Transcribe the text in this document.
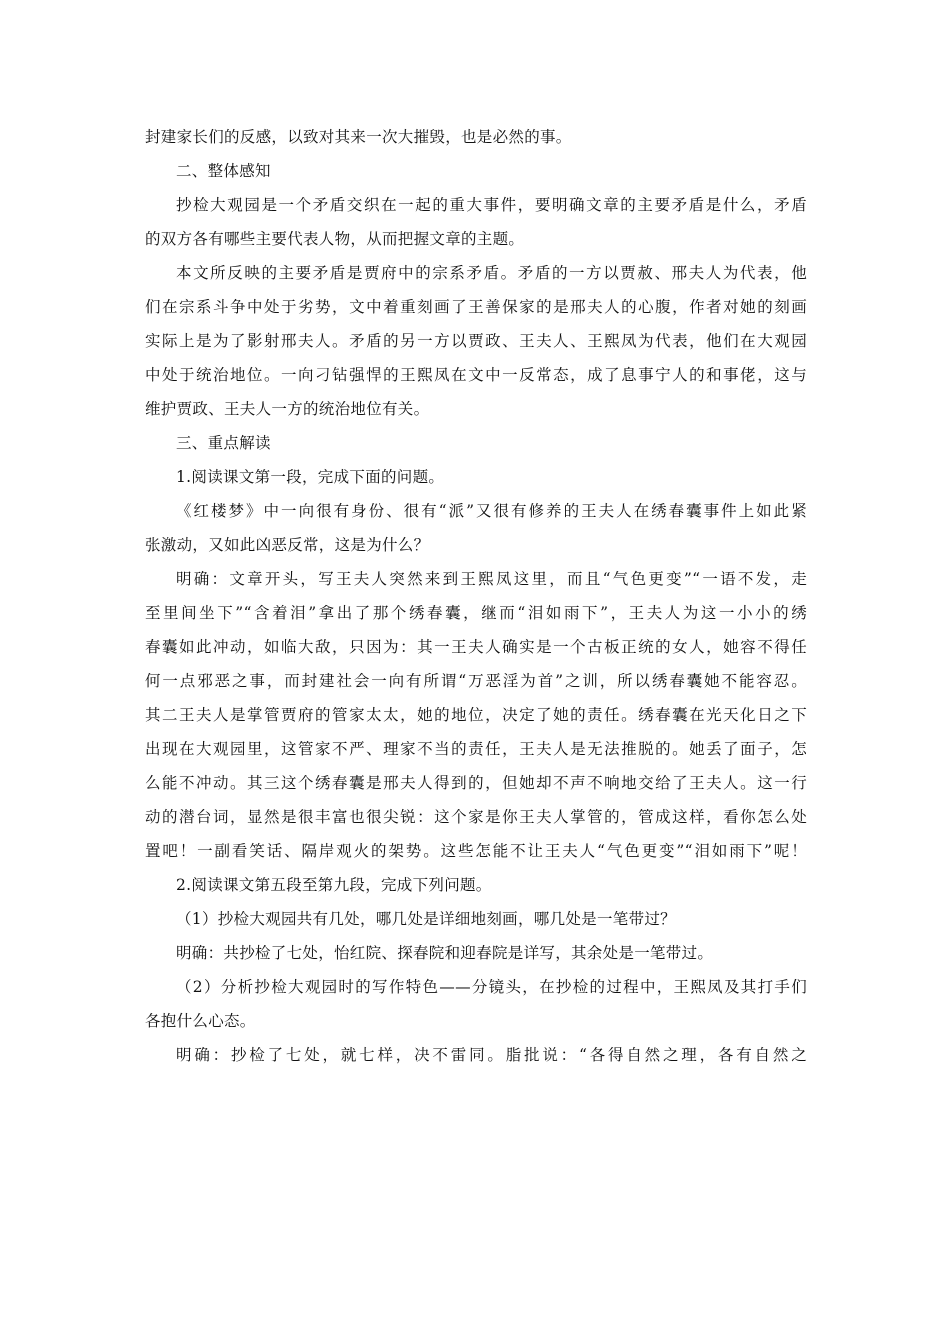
封建家长们的反感，以致对其来一次大摧毁，也是必然的事。
二、整体感知
抄检大观园是一个矛盾交织在一起的重大事件，要明确文章的主要矛盾是什么，矛盾
的双方各有哪些主要代表人物，从而把握文章的主题。
本文所反映的主要矛盾是贾府中的宗系矛盾。矛盾的一方以贾赦、邢夫人为代表，他
们在宗系斗争中处于劣势，文中着重刻画了王善保家的是邢夫人的心腹，作者对她的刻画
实际上是为了影射邢夫人。矛盾的另一方以贾政、王夫人、王熙凤为代表，他们在大观园
中处于统治地位。一向刁钻强悍的王熙凤在文中一反常态，成了息事宁人的和事佬，这与
维护贾政、王夫人一方的统治地位有关。
三、重点解读
1.阅读课文第一段，完成下面的问题。
《红楼梦》中一向很有身份、很有“派”又很有修养的王夫人在绣春囊事件上如此紧
张激动，又如此凶恶反常，这是为什么？
明确：文章开头，写王夫人突然来到王熙凤这里，而且“气色更变”“一语不发，走
至里间坐下”“含着泪”拿出了那个绣春囊，继而“泪如雨下”，王夫人为这一小小的绣
春囊如此冲动，如临大敌，只因为：其一王夫人确实是一个古板正统的女人，她容不得任
何一点邪恶之事，而封建社会一向有所谓“万恶淫为首”之训，所以绣春囊她不能容忍。
其二王夫人是掌管贾府的管家太太，她的地位，决定了她的责任。绣春囊在光天化日之下
出现在大观园里，这管家不严、理家不当的责任，王夫人是无法推脱的。她丢了面子，怎
么能不冲动。其三这个绣春囊是邢夫人得到的，但她却不声不响地交给了王夫人。这一行
动的潜台词，显然是很丰富也很尖锐：这个家是你王夫人掌管的，管成这样，看你怎么处
置吧！一副看笑话、隔岸观火的架势。这些怎能不让王夫人“气色更变”“泪如雨下”呢！
2.阅读课文第五段至第九段，完成下列问题。
（1）抄检大观园共有几处，哪几处是详细地刻画，哪几处是一笔带过？
明确：共抄检了七处，怡红院、探春院和迎春院是详写，其余处是一笔带过。
（2）分析抄检大观园时的写作特色——分镜头，在抄检的过程中，王熙凤及其打手们
各抱什么心态。
明确：抄检了七处，就七样，决不雷同。脂批说：“各得自然之理，各有自然之
